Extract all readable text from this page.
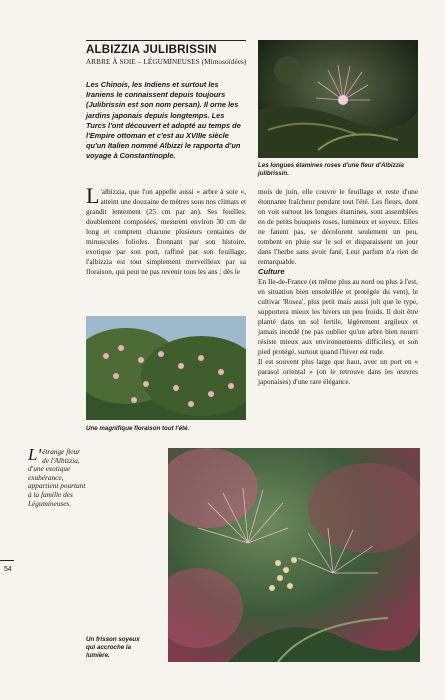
ALBIZZIA JULIBRISSIN
ARBRE À SOIE – LÉGUMINEUSES (Mimosoïdées)
Les Chinois, les Indiens et surtout les Iraniens le connaissent depuis toujours (Julibrissin est son nom persan). Il orne les jardins japonais depuis longtemps. Les Turcs l'ont découvert et adopté au temps de l'Empire ottoman et c'est au XVIIIe siècle qu'un Italien nommé Albizzi le rapporta d'un voyage à Constantinople.
Les longues étamines roses d'une fleur d'Albizzia julibrissin.

L 'albizzia, que l'on appelle aussi « arbre à soie », atteint une douzaine de mètres sous nos climats et grandit lentement (25 cm par an). Ses feuilles, doublement composées, mesurent environ 30 cm de long et comptent chacune plusieurs centaines de minuscules folioles. Étonnant par son histoire, exotique par son port, raffiné par son feuillage, l'albizzia est tout simplement merveilleux par sa floraison, qui peut ne pas revenir tous les ans ; dès le

Une magnifique floraison tout l'été.

mois de juin, elle couvre le feuillage et reste d'une étonnante fraîcheur pendant tout l'été. Les fleurs, dont on voit surtout les longues étamines, sont assemblées en de petits bouquets roses, lumineux et soyeux. Elles ne fanent pas, se décolorent seulement un peu, tombent en pluie sur le sol et disparaissent un jour dans l'herbe sans avoir fané. Leur parfum n'a rien de remarquable.

Culture

En Ile-de-France (et même plus au nord ou plus à l'est, en situation bien ensoleillée et protégée du vent), le cultivar 'Rosea', plus petit mais aussi joli que le type, supportera mieux les hivers un peu froids. Il doit être planté dans un sol fertile, légèrement argileux et jamais inondé (ne pas oublier qu'un arbre bien nourri résiste mieux aux environnements difficiles), et son pied protégé, surtout quand l'hiver est rude.

Il est souvent plus large que haut, avec un port en « parasol oriental » (on le retrouve dans les œuvres japonaises) d'une rare élégance.

L' étrange fleur de l'Albizzia, d'une exotique exubérance, appartient pourtant à la famille des Légumineuses.
54
Un frisson soyeux qui accroche la lumière.
